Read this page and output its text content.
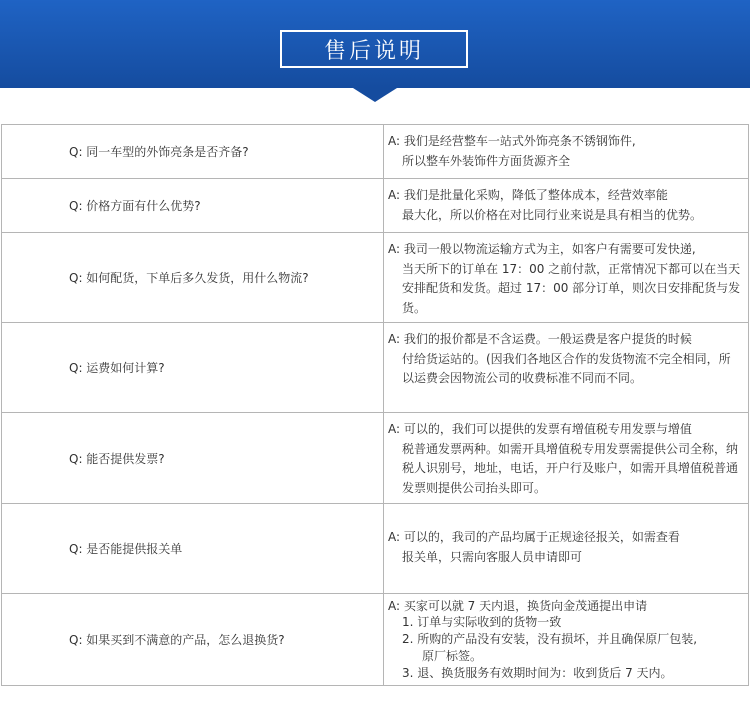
售后说明
Q: 同一车型的外饰亮条是否齐备?	A: 我们是经营整车一站式外饰亮条不锈钢饰件,
所以整车外装饰件方面货源齐全

Q: 价格方面有什么优势?	A: 我们是批量化采购，降低了整体成本，经营效率能
最大化，所以价格在对比同行业来说是具有相当的优势。

Q: 如何配货，下单后多久发货，用什么物流?	A: 我司一般以物流运输方式为主，如客户有需要可发快递,
当天所下的订单在 17：00 之前付款，正常情况下都可以在当天安排配货和发货。超过 17：00 部分订单，则次日安排配货与发货。

Q: 运费如何计算?	A: 我们的报价都是不含运费。一般运费是客户提货的时候
付给货运站的。(因我们各地区合作的发货物流不完全相同，所以运费会因物流公司的收费标准不同而不同。

Q: 能否提供发票?	A: 可以的，我们可以提供的发票有增值税专用发票与增值
税普通发票两种。如需开具增值税专用发票需提供公司全称，纳税人识别号，地址，电话，开户行及账户，如需开具增值税普通发票则提供公司抬头即可。

Q: 是否能提供报关单	A: 可以的，我司的产品均属于正规途径报关，如需查看
报关单，只需向客服人员申请即可

Q: 如果买到不满意的产品，怎么退换货?	A: 买家可以就 7 天内退，换货向金茂通提出申请
1. 订单与实际收到的货物一致
2. 所购的产品没有安装，没有损坏，并且确保原厂包装,
原厂标签。
3. 退、换货服务有效期时间为：收到货后 7 天内。
